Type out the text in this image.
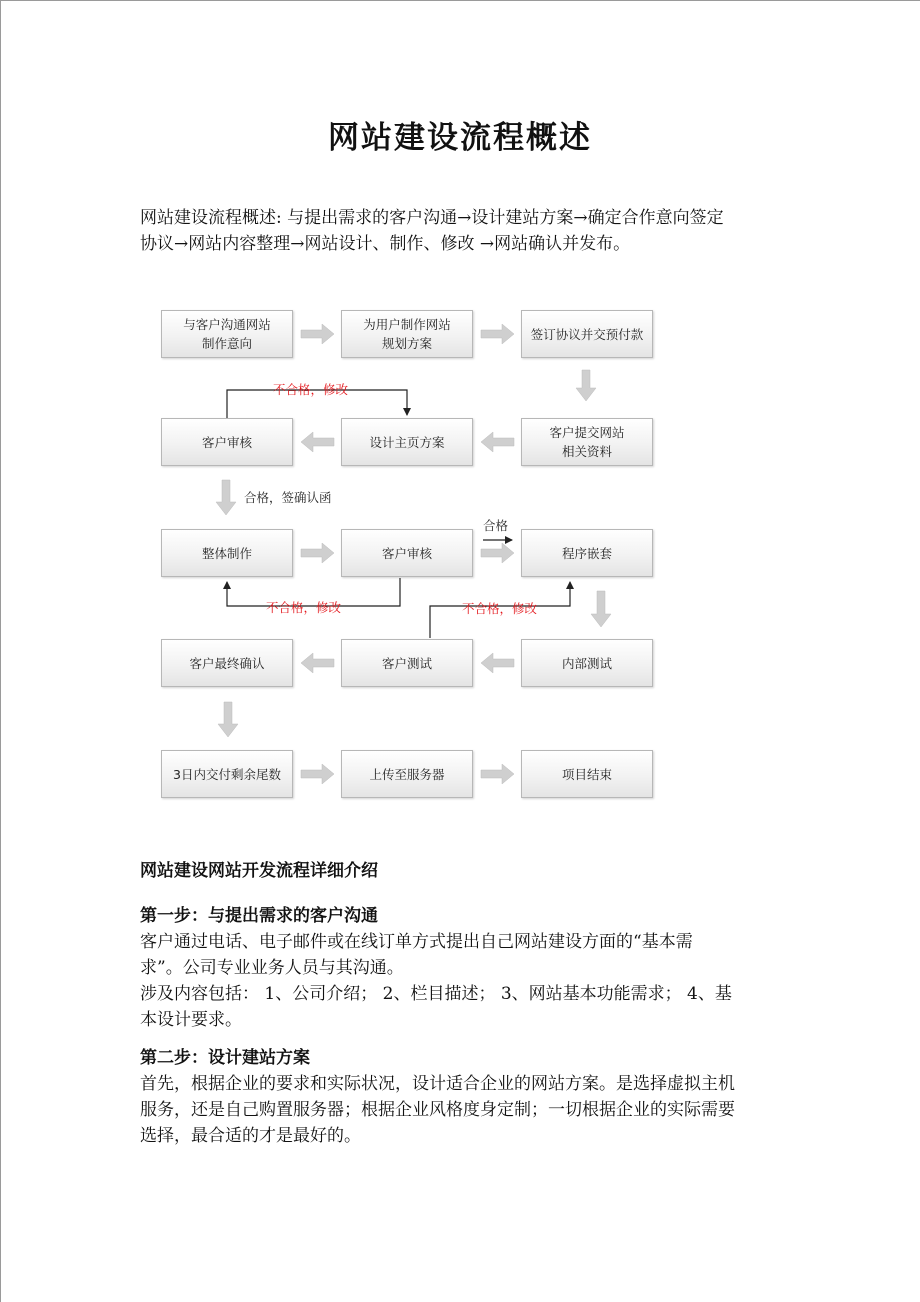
网站建设流程概述
网站建设流程概述: 与提出需求的客户沟通→设计建站方案→确定合作意向签定
协议→网站内容整理→网站设计、制作、修改 →网站确认并发布。
与客户沟通网站
制作意向
为用户制作网站
规划方案
签订协议并交预付款
客户审核	设计主页方案
客户提交网站
相关资料
整体制作	客户审核	程序嵌套
客户最终确认	客户测试	内部测试
3日内交付剩余尾数	上传至服务器	项目结束
不合格，修改
合格，签确认函
合格
不合格，修改	不合格，修改
网站建设网站开发流程详细介绍
第一步：与提出需求的客户沟通
客户通过电话、电子邮件或在线订单方式提出自己网站建设方面的“基本需
求”。公司专业业务人员与其沟通。
涉及内容包括： 1、公司介绍； 2、栏目描述； 3、网站基本功能需求； 4、基
本设计要求。
第二步：设计建站方案
首先，根据企业的要求和实际状况，设计适合企业的网站方案。是选择虚拟主机
服务，还是自己购置服务器；根据企业风格度身定制；一切根据企业的实际需要
选择，最合适的才是最好的。
